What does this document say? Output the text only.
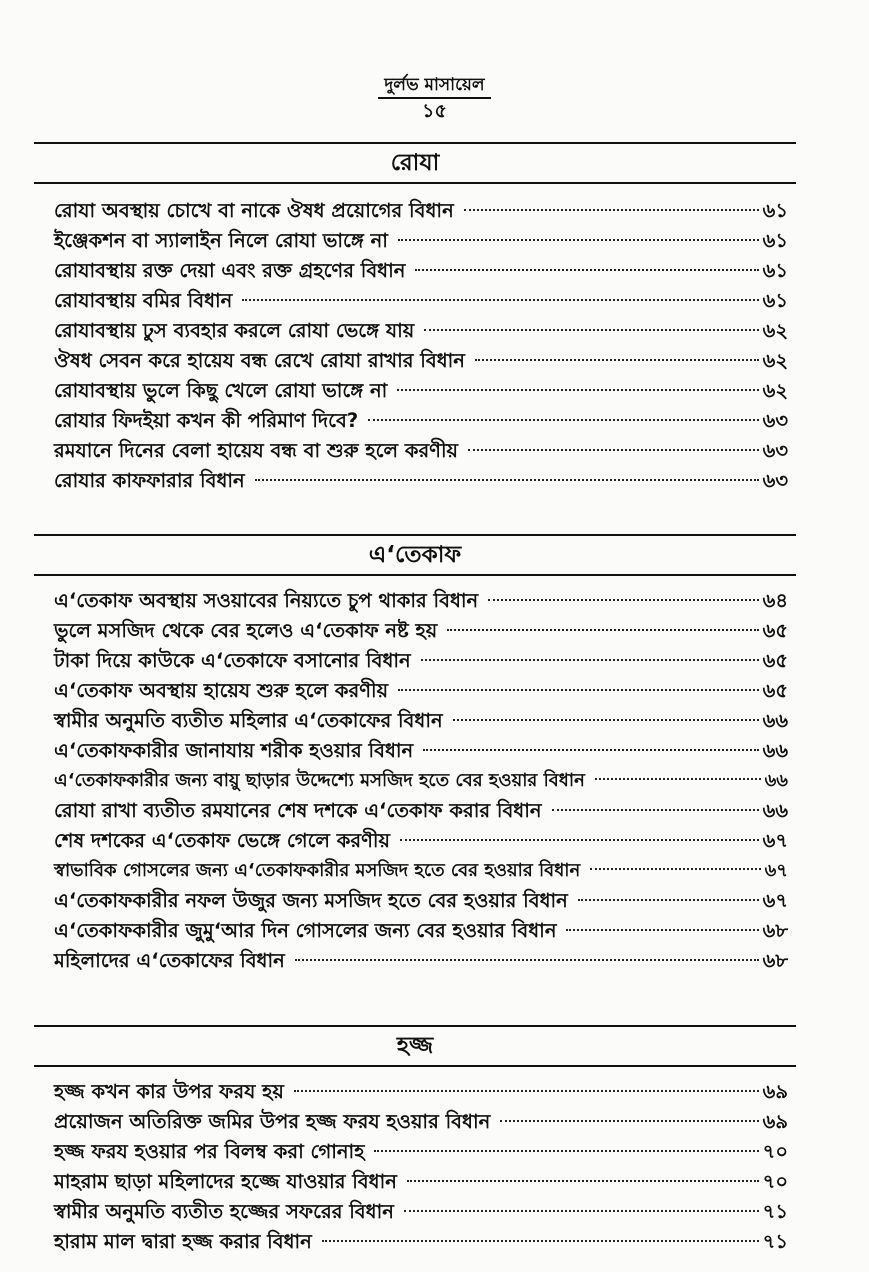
দুর্লভ মাসায়েল
১৫
রোযা
রোযা অবস্থায় চোখে বা নাকে ঔষধ প্রয়োগের বিধান	৬১
ইঞ্জেকশন বা স্যালাইন নিলে রোযা ভাঙ্গে না	৬১
রোযাবস্থায় রক্ত দেয়া এবং রক্ত গ্রহণের বিধান	৬১
রোযাবস্থায় বমির বিধান	৬১
রোযাবস্থায় ঢুস ব্যবহার করলে রোযা ভেঙ্গে যায়	৬২
ঔষধ সেবন করে হায়েয বন্ধ রেখে রোযা রাখার বিধান	৬২
রোযাবস্থায় ভুলে কিছু খেলে রোযা ভাঙ্গে না	৬২
রোযার ফিদইয়া কখন কী পরিমাণ দিবে?	৬৩
রমযানে দিনের বেলা হায়েয বন্ধ বা শুরু হলে করণীয়	৬৩
রোযার কাফফারার বিধান	৬৩
এ‘তেকাফ
এ‘তেকাফ অবস্থায় সওয়াবের নিয়্যতে চুপ থাকার বিধান	৬৪
ভুলে মসজিদ থেকে বের হলেও এ‘তেকাফ নষ্ট হয়	৬৫
টাকা দিয়ে কাউকে এ‘তেকাফে বসানোর বিধান	৬৫
এ‘তেকাফ অবস্থায় হায়েয শুরু হলে করণীয়	৬৫
স্বামীর অনুমতি ব্যতীত মহিলার এ‘তেকাফের বিধান	৬৬
এ‘তেকাফকারীর জানাযায় শরীক হওয়ার বিধান	৬৬
এ‘তেকাফকারীর জন্য বায়ু ছাড়ার উদ্দেশ্যে মসজিদ হতে বের হওয়ার বিধান	৬৬
রোযা রাখা ব্যতীত রমযানের শেষ দশকে এ‘তেকাফ করার বিধান	৬৬
শেষ দশকের এ‘তেকাফ ভেঙ্গে গেলে করণীয়	৬৭
স্বাভাবিক গোসলের জন্য এ‘তেকাফকারীর মসজিদ হতে বের হওয়ার বিধান	৬৭
এ‘তেকাফকারীর নফল উজুর জন্য মসজিদ হতে বের হওয়ার বিধান	৬৭
এ‘তেকাফকারীর জুমু‘আর দিন গোসলের জন্য বের হওয়ার বিধান	৬৮
মহিলাদের এ‘তেকাফের বিধান	৬৮
হজ্জ
হজ্জ কখন কার উপর ফরয হয়	৬৯
প্রয়োজন অতিরিক্ত জমির উপর হজ্জ ফরয হওয়ার বিধান	৬৯
হজ্জ ফরয হওয়ার পর বিলম্ব করা গোনাহ	৭০
মাহরাম ছাড়া মহিলাদের হজ্জে যাওয়ার বিধান	৭০
স্বামীর অনুমতি ব্যতীত হজ্জের সফরের বিধান	৭১
হারাম মাল দ্বারা হজ্জ করার বিধান	৭১
